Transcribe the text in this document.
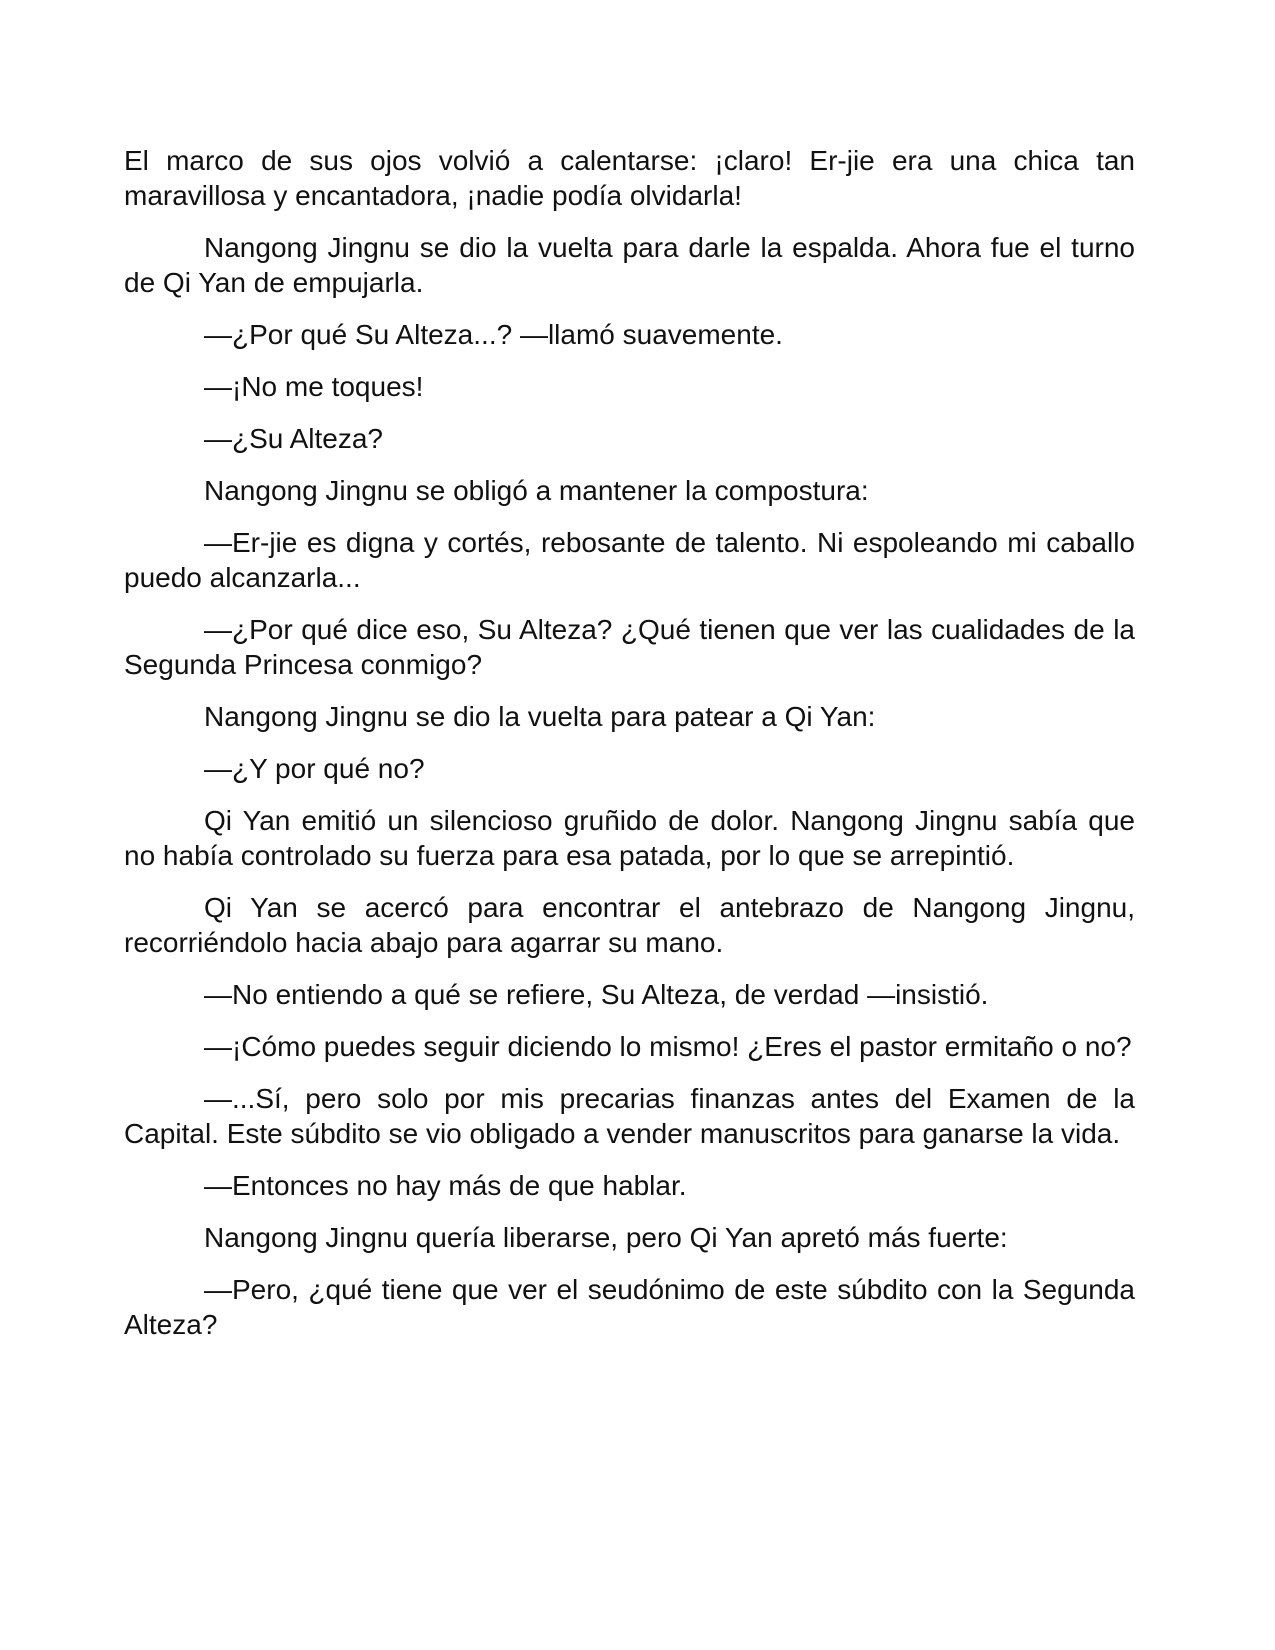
El marco de sus ojos volvió a calentarse: ¡claro! Er-jie era una chica tan maravillosa y encantadora, ¡nadie podía olvidarla!

Nangong Jingnu se dio la vuelta para darle la espalda. Ahora fue el turno de Qi Yan de empujarla.

—¿Por qué Su Alteza...? —llamó suavemente.

—¡No me toques!

—¿Su Alteza?

Nangong Jingnu se obligó a mantener la compostura:

—Er-jie es digna y cortés, rebosante de talento. Ni espoleando mi caballo puedo alcanzarla...

—¿Por qué dice eso, Su Alteza? ¿Qué tienen que ver las cualidades de la Segunda Princesa conmigo?

Nangong Jingnu se dio la vuelta para patear a Qi Yan:

—¿Y por qué no?

Qi Yan emitió un silencioso gruñido de dolor. Nangong Jingnu sabía que no había controlado su fuerza para esa patada, por lo que se arrepintió.

Qi Yan se acercó para encontrar el antebrazo de Nangong Jingnu, recorriéndolo hacia abajo para agarrar su mano.

—No entiendo a qué se refiere, Su Alteza, de verdad —insistió.

—¡Cómo puedes seguir diciendo lo mismo! ¿Eres el pastor ermitaño o no?

—...Sí, pero solo por mis precarias finanzas antes del Examen de la Capital. Este súbdito se vio obligado a vender manuscritos para ganarse la vida.

—Entonces no hay más de que hablar.

Nangong Jingnu quería liberarse, pero Qi Yan apretó más fuerte:

—Pero, ¿qué tiene que ver el seudónimo de este súbdito con la Segunda Alteza?
